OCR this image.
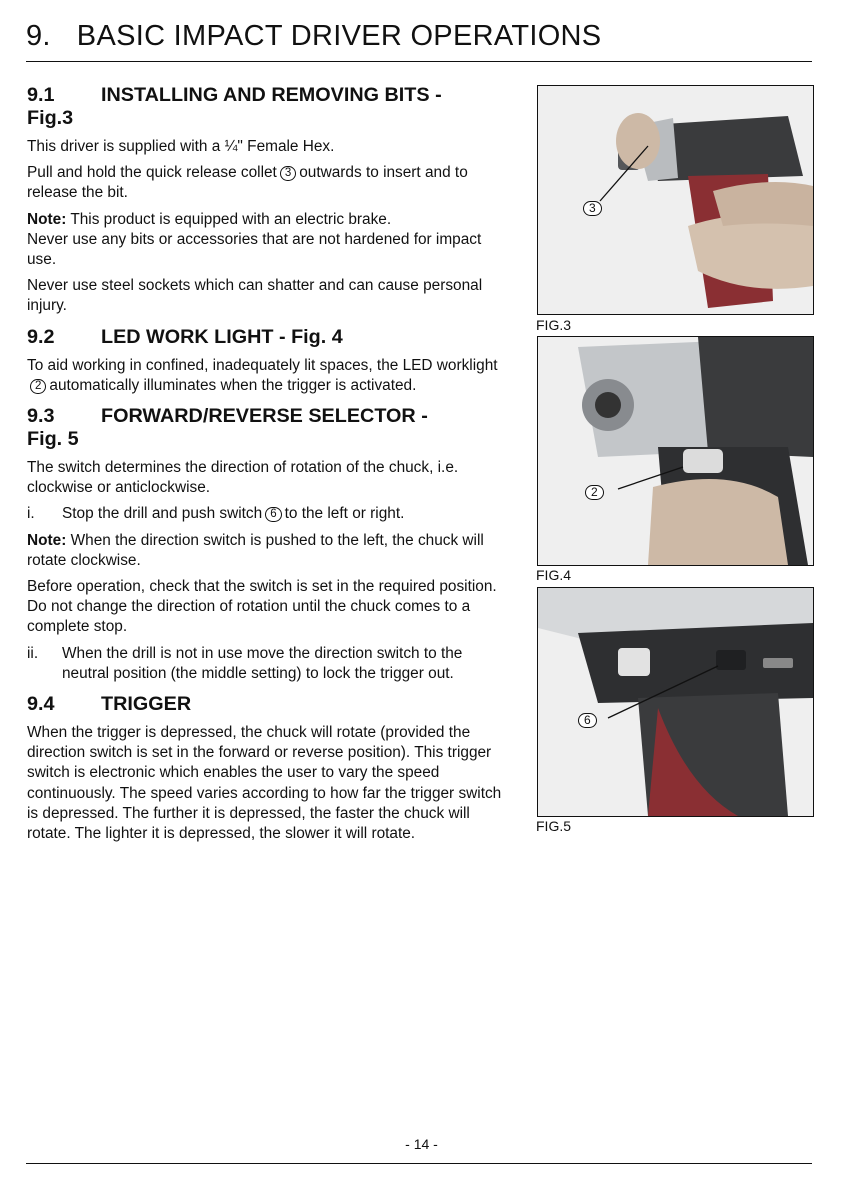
9. BASIC IMPACT DRIVER OPERATIONS
9.1 INSTALLING AND REMOVING BITS -
Fig.3

This driver is supplied with a ¼" Female Hex.

Pull and hold the quick release collet 3 outwards to insert and to release the bit.

Note: This product is equipped with an electric brake.

Never use any bits or accessories that are not hardened for impact use.

Never use steel sockets which can shatter and can cause personal injury.

9.2 LED WORK LIGHT - Fig. 4

To aid working in confined, inadequately lit spaces, the LED worklight2 automatically illuminates when the trigger is activated.

9.3 FORWARD/REVERSE SELECTOR -
Fig. 5

The switch determines the direction of rotation of the chuck, i.e. clockwise or anticlockwise.

i.	Stop the drill and push switch 6 to the left or right.

Note: When the direction switch is pushed to the left, the chuck will rotate clockwise.

Before operation, check that the switch is set in the required position. Do not change the direction of rotation until the chuck comes to a complete stop.

ii.	When the drill is not in use move the direction switch to the neutral position (the middle setting) to lock the trigger out.
9.4 TRIGGER

When the trigger is depressed, the chuck will rotate (provided the direction switch is set in the forward or reverse position). This trigger switch is electronic which enables the user to vary the speed continuously. The speed varies according to how far the trigger switch is depressed. The further it is depressed, the faster the chuck will rotate. The lighter it is depressed, the slower it will rotate.

3
FIG.3
2
FIG.4
6
FIG.5
- 14 -
